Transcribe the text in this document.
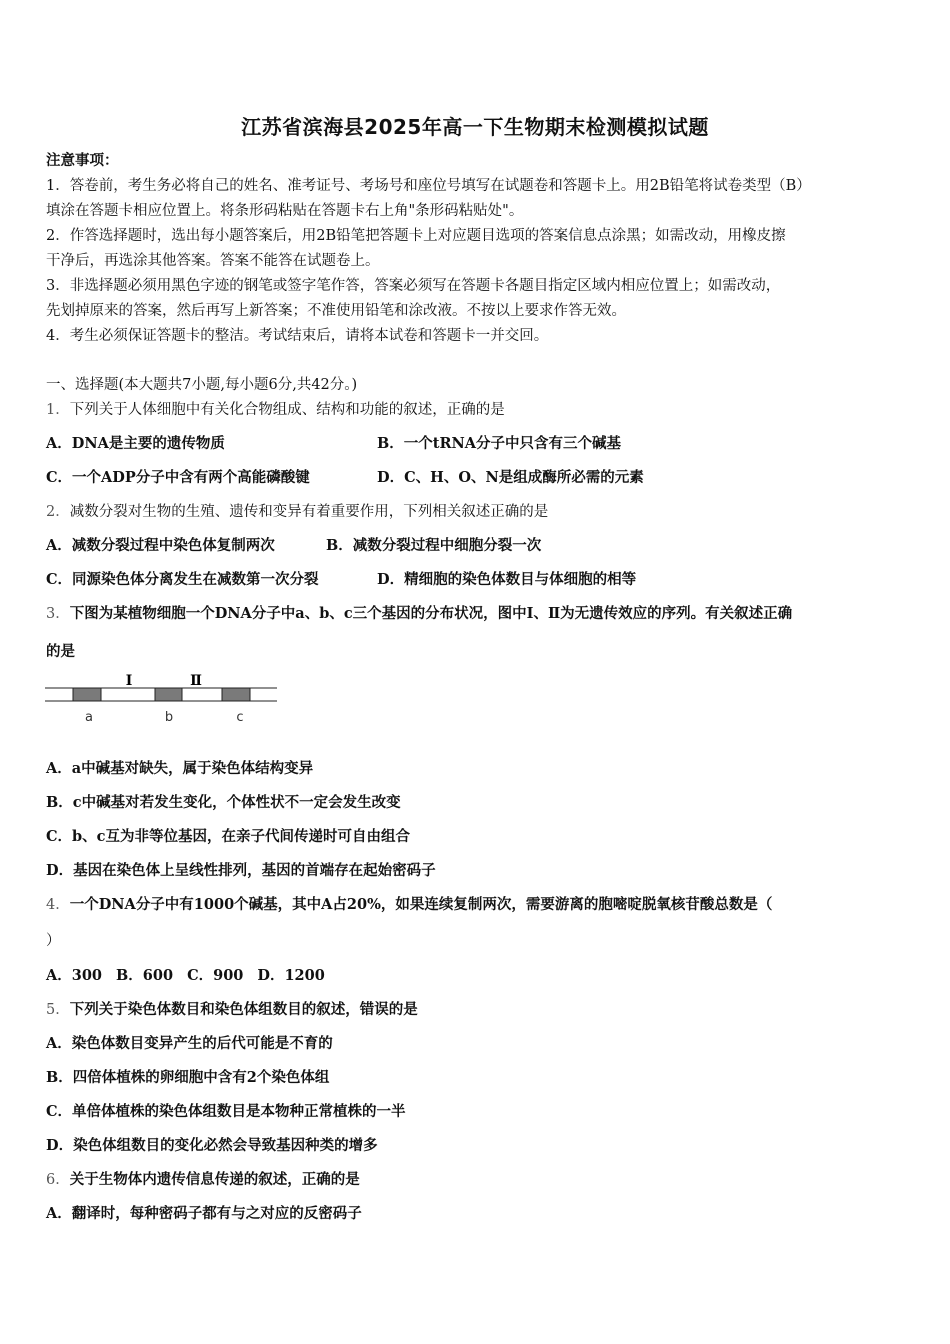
江苏省滨海县2025年高一下生物期末检测模拟试题
注意事项：
1．答卷前，考生务必将自己的姓名、准考证号、考场号和座位号填写在试题卷和答题卡上。用2B铅笔将试卷类型（B）
填涂在答题卡相应位置上。将条形码粘贴在答题卡右上角"条形码粘贴处"。
2．作答选择题时，选出每小题答案后，用2B铅笔把答题卡上对应题目选项的答案信息点涂黑；如需改动，用橡皮擦
干净后，再选涂其他答案。答案不能答在试题卷上。
3．非选择题必须用黑色字迹的钢笔或签字笔作答，答案必须写在答题卡各题目指定区域内相应位置上；如需改动，
先划掉原来的答案，然后再写上新答案；不准使用铅笔和涂改液。不按以上要求作答无效。
4．考生必须保证答题卡的整洁。考试结束后，请将本试卷和答题卡一并交回。
一、选择题(本大题共7小题,每小题6分,共42分。)
1．下列关于人体细胞中有关化合物组成、结构和功能的叙述，正确的是
A．DNA是主要的遗传物质	B．一个tRNA分子中只含有三个碱基
C．一个ADP分子中含有两个高能磷酸键	D．C、H、O、N是组成酶所必需的元素
2．减数分裂对生物的生殖、遗传和变异有着重要作用，下列相关叙述正确的是
A．减数分裂过程中染色体复制两次	B．减数分裂过程中细胞分裂一次
C．同源染色体分离发生在减数第一次分裂	D．精细胞的染色体数目与体细胞的相等
3．下图为某植物细胞一个DNA分子中a、b、c三个基因的分布状况，图中Ⅰ、Ⅱ为无遗传效应的序列。有关叙述正确
的是
Ⅰ	Ⅱ
a	b	c
A．a中碱基对缺失，属于染色体结构变异
B．c中碱基对若发生变化，个体性状不一定会发生改变
C．b、c互为非等位基因，在亲子代间传递时可自由组合
D．基因在染色体上呈线性排列，基因的首端存在起始密码子
4．一个DNA分子中有1000个碱基，其中A占20%，如果连续复制两次，需要游离的胞嘧啶脱氧核苷酸总数是（
）
A．300 B．600 C．900 D．1200
5．下列关于染色体数目和染色体组数目的叙述，错误的是
A．染色体数目变异产生的后代可能是不育的
B．四倍体植株的卵细胞中含有2个染色体组
C．单倍体植株的染色体组数目是本物种正常植株的一半
D．染色体组数目的变化必然会导致基因种类的增多
6．关于生物体内遗传信息传递的叙述，正确的是
A．翻译时，每种密码子都有与之对应的反密码子
